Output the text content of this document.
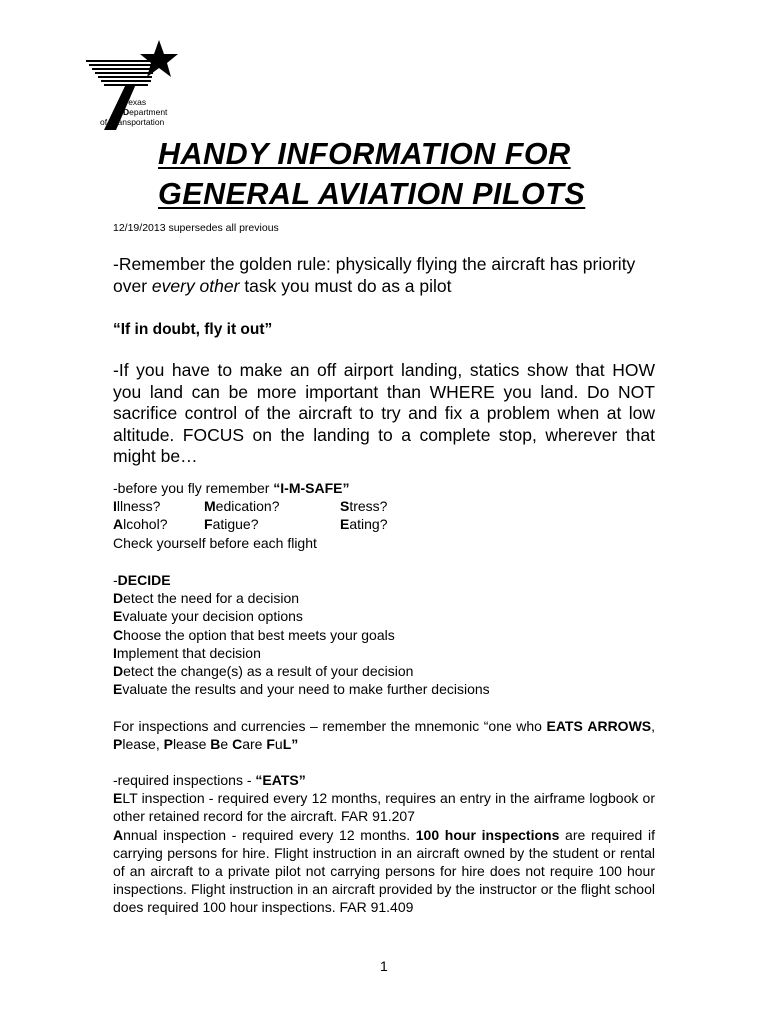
Texas
Department
of Transportation
HANDY INFORMATION FOR
GENERAL AVIATION PILOTS
12/19/2013 supersedes all previous

-Remember the golden rule: physically flying the aircraft has priority
over every other task you must do as a pilot

“If in doubt, fly it out”

-If you have to make an off airport landing, statics show that HOW you land can be more important than WHERE you land. Do NOT sacrifice control of the aircraft to try and fix a problem when at low altitude. FOCUS on the landing to a complete stop, wherever that might be…

-before you fly remember “I-M-SAFE”
Illness?	Medication?	Stress?
Alcohol?	Fatigue?	Eating?
Check yourself before each flight
-DECIDE
Detect the need for a decision
Evaluate your decision options
Choose the option that best meets your goals
Implement that decision
Detect the change(s) as a result of your decision
Evaluate the results and your need to make further decisions

For inspections and currencies – remember the mnemonic “one who EATS ARROWS, Please, Please Be Care FuL”

-required inspections - “EATS”
ELT inspection - required every 12 months, requires an entry in the airframe logbook or other retained record for the aircraft. FAR 91.207
Annual inspection - required every 12 months. 100 hour inspections are required if carrying persons for hire. Flight instruction in an aircraft owned by the student or rental of an aircraft to a private pilot not carrying persons for hire does not require 100 hour inspections. Flight instruction in an aircraft provided by the instructor or the flight school does required 100 hour inspections. FAR 91.409
1
